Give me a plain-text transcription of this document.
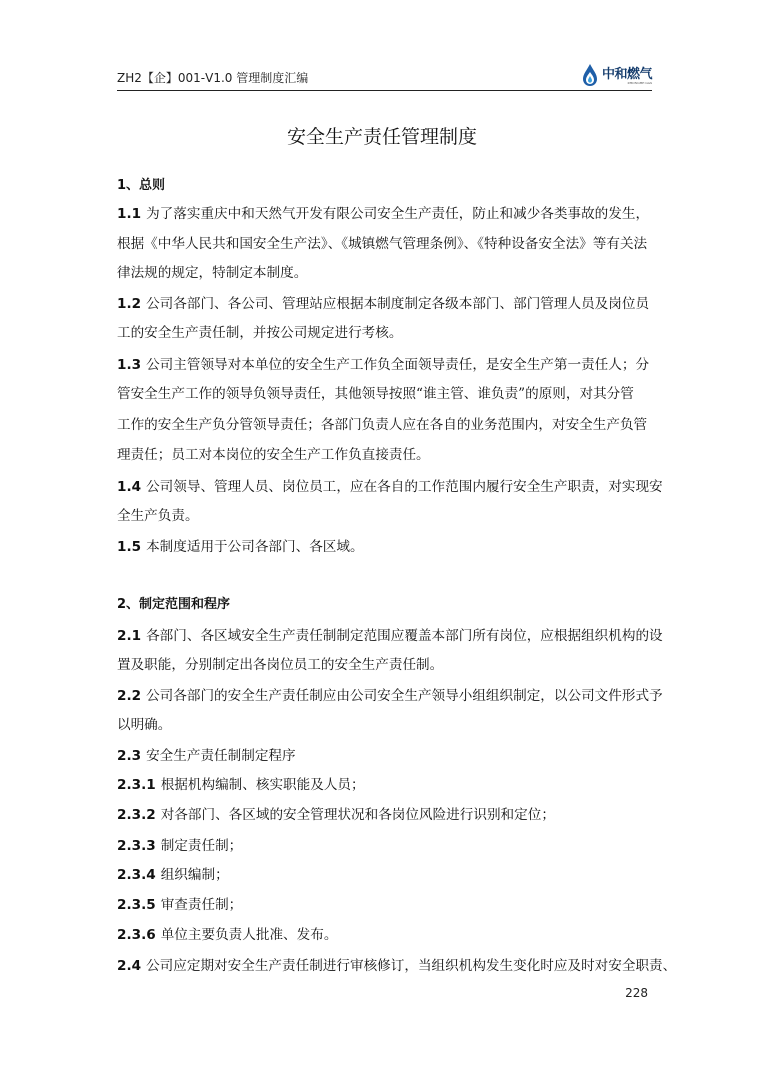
ZH2【企】001-V1.0 管理制度汇编	中和燃气
ZHONGHE GAS
安全生产责任管理制度
1、总则
1.1 为了落实重庆中和天然气开发有限公司安全生产责任，防止和减少各类事故的发生，
根据《中华人民共和国安全生产法》、《城镇燃气管理条例》、《特种设备安全法》等有关法
律法规的规定，特制定本制度。
1.2 公司各部门、各公司、管理站应根据本制度制定各级本部门、部门管理人员及岗位员
工的安全生产责任制，并按公司规定进行考核。
1.3 公司主管领导对本单位的安全生产工作负全面领导责任，是安全生产第一责任人；分
管安全生产工作的领导负领导责任，其他领导按照“谁主管、谁负责”的原则，对其分管
工作的安全生产负分管领导责任；各部门负责人应在各自的业务范围内，对安全生产负管
理责任；员工对本岗位的安全生产工作负直接责任。
1.4 公司领导、管理人员、岗位员工，应在各自的工作范围内履行安全生产职责，对实现安
全生产负责。
1.5 本制度适用于公司各部门、各区域。
2、制定范围和程序
2.1 各部门、各区域安全生产责任制制定范围应覆盖本部门所有岗位，应根据组织机构的设
置及职能，分别制定出各岗位员工的安全生产责任制。
2.2 公司各部门的安全生产责任制应由公司安全生产领导小组组织制定，以公司文件形式予
以明确。
2.3 安全生产责任制制定程序
2.3.1 根据机构编制、核实职能及人员；
2.3.2 对各部门、各区域的安全管理状况和各岗位风险进行识别和定位；
2.3.3 制定责任制；
2.3.4 组织编制；
2.3.5 审查责任制；
2.3.6 单位主要负责人批准、发布。
2.4 公司应定期对安全生产责任制进行审核修订，当组织机构发生变化时应及时对安全职责、
228
